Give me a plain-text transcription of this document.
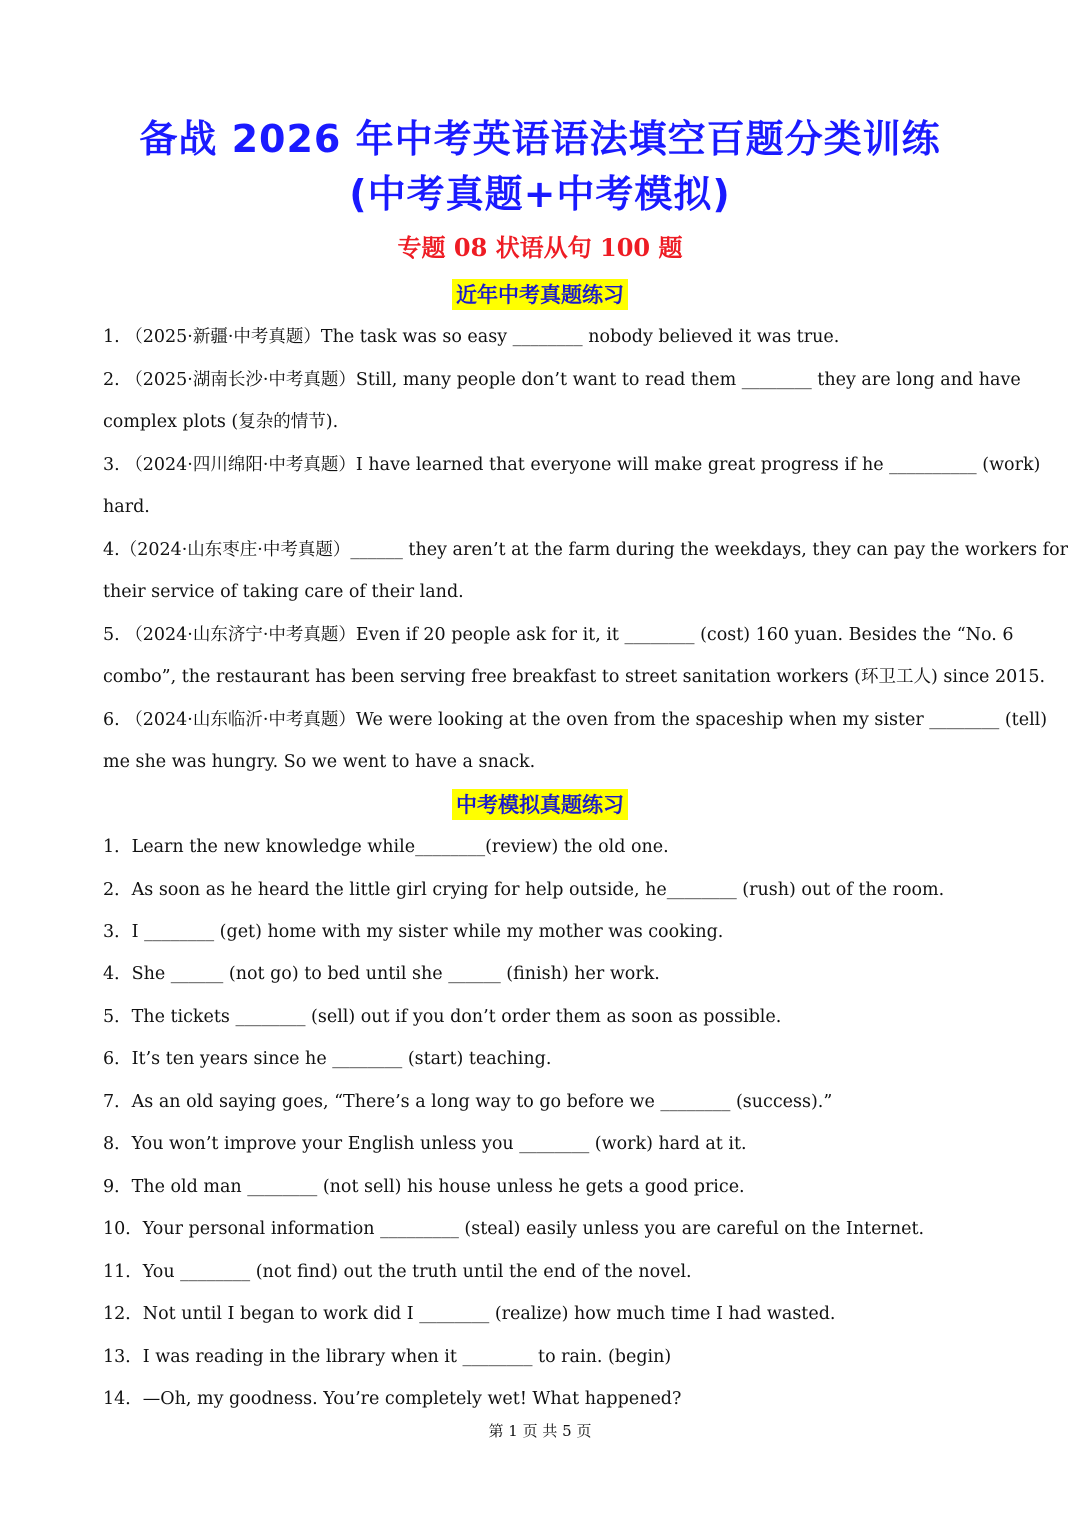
备战 2026 年中考英语语法填空百题分类训练
(中考真题+中考模拟)
专题 08 状语从句 100 题
近年中考真题练习
1. （2025·新疆·中考真题）The task was so easy ________ nobody believed it was true.
2. （2025·湖南长沙·中考真题）Still, many people don’t want to read them ________ they are long and have
complex plots (复杂的情节).
3. （2024·四川绵阳·中考真题）I have learned that everyone will make great progress if he __________ (work)
hard.
4.（2024·山东枣庄·中考真题）______ they aren’t at the farm during the weekdays, they can pay the workers for
their service of taking care of their land.
5. （2024·山东济宁·中考真题）Even if 20 people ask for it, it ________ (cost) 160 yuan. Besides the “No. 6
combo”, the restaurant has been serving free breakfast to street sanitation workers (环卫工人) since 2015.
6. （2024·山东临沂·中考真题）We were looking at the oven from the spaceship when my sister ________ (tell)
me she was hungry. So we went to have a snack.
中考模拟真题练习
1．Learn the new knowledge while________(review) the old one.
2．As soon as he heard the little girl crying for help outside, he________ (rush) out of the room.
3．I ________ (get) home with my sister while my mother was cooking.
4．She ______ (not go) to bed until she ______ (finish) her work.
5．The tickets ________ (sell) out if you don’t order them as soon as possible.
6．It’s ten years since he ________ (start) teaching.
7．As an old saying goes, “There’s a long way to go before we ________ (success).”
8．You won’t improve your English unless you ________ (work) hard at it.
9．The old man ________ (not sell) his house unless he gets a good price.
10．Your personal information _________ (steal) easily unless you are careful on the Internet.
11．You ________ (not find) out the truth until the end of the novel.
12．Not until I began to work did I ________ (realize) how much time I had wasted.
13．I was reading in the library when it ________ to rain. (begin)
14．—Oh, my goodness. You’re completely wet! What happened?
第 1 页 共 5 页
